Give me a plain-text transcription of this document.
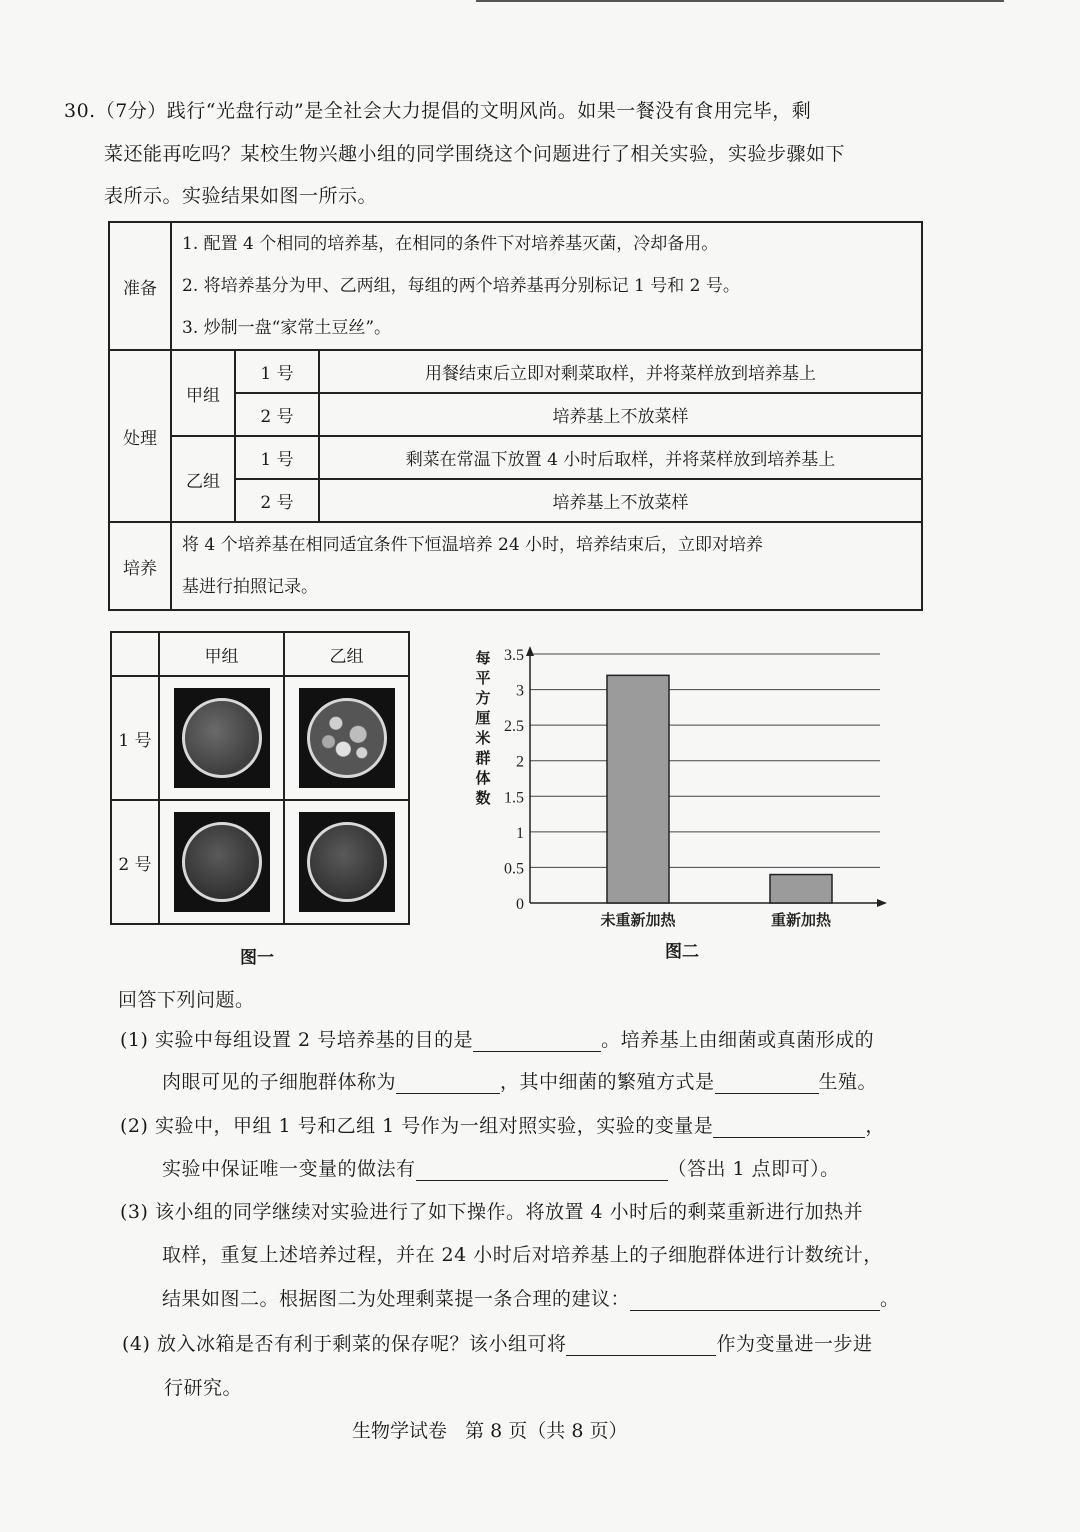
30.（7分）践行“光盘行动”是全社会大力提倡的文明风尚。如果一餐没有食用完毕，剩
菜还能再吃吗？某校生物兴趣小组的同学围绕这个问题进行了相关实验，实验步骤如下
表所示。实验结果如图一所示。
准备	1. 配置 4 个相同的培养基，在相同的条件下对培养基灭菌，冷却备用。
2. 将培养基分为甲、乙两组，每组的两个培养基再分别标记 1 号和 2 号。
3. 炒制一盘“家常土豆丝”。		

处理	甲组	1 号	用餐结束后立即对剩菜取样，并将菜样放到培养基上
		2 号	培养基上不放菜样
	乙组	1 号	剩菜在常温下放置 4 小时后取样，并将菜样放到培养基上
		2 号	培养基上不放菜样
培养	将 4 个培养基在相同适宜条件下恒温培养 24 小时，培养结束后，立即对培养
基进行拍照记录。		
	甲组	乙组
1 号	

2 号	

图一
每平方厘米群体数
0
0.5
1
1.5
2
2.5
3
3.5
未重新加热	重新加热
图二
回答下列问题。
(1) 实验中每组设置 2 号培养基的目的是	。培养基上由细菌或真菌形成的
肉眼可见的子细胞群体称为	，其中细菌的繁殖方式是	生殖。
(2) 实验中，甲组 1 号和乙组 1 号作为一组对照实验，实验的变量是	，
实验中保证唯一变量的做法有	（答出 1 点即可）。
(3) 该小组的同学继续对实验进行了如下操作。将放置 4 小时后的剩菜重新进行加热并
取样，重复上述培养过程，并在 24 小时后对培养基上的子细胞群体进行计数统计，
结果如图二。根据图二为处理剩菜提一条合理的建议：	。
(4) 放入冰箱是否有利于剩菜的保存呢？该小组可将	作为变量进一步进
行研究。
生物学试卷   第 8 页（共 8 页）
